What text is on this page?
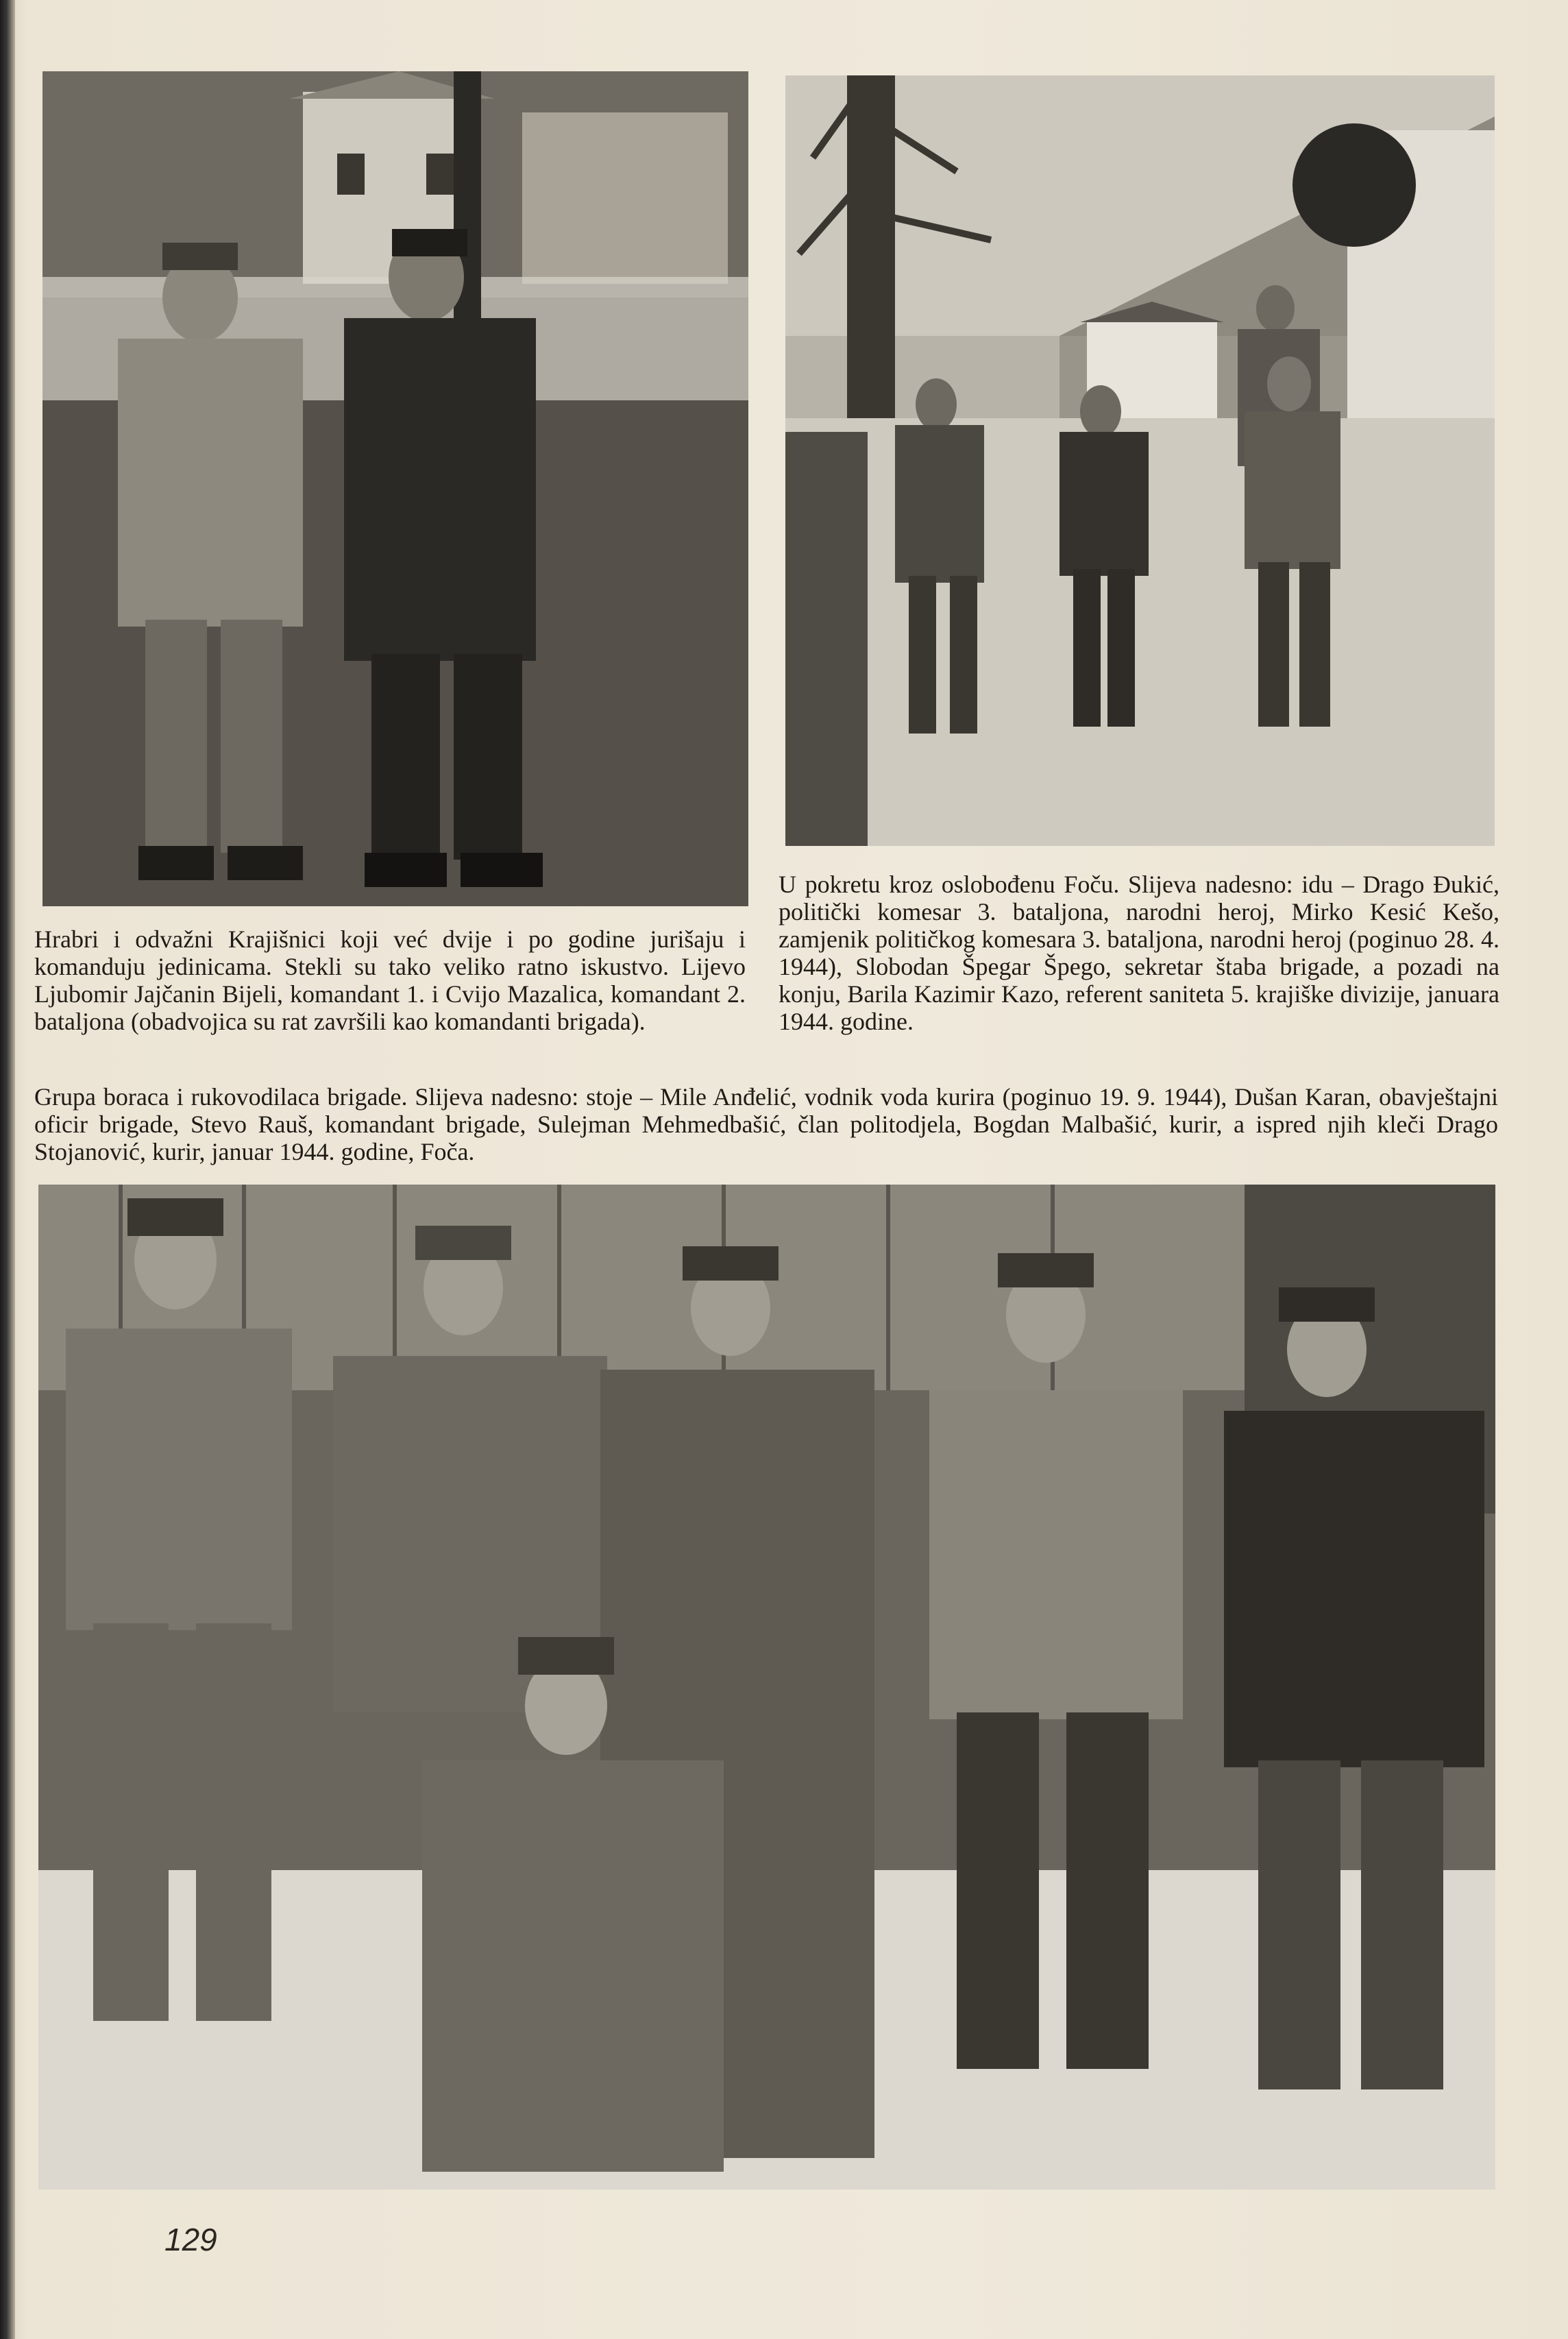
Hrabri i odvažni Krajišnici koji već dvije i po godine jurišaju i komanduju jedinicama. Stekli su tako veliko ratno iskustvo. Lijevo Ljubomir Jajčanin Bijeli, komandant 1. i Cvijo Mazalica, komandant 2. bataljona (obadvojica su rat završili kao komandanti brigada).

U pokretu kroz oslobođenu Foču. Slijeva nadesno: idu – Drago Đukić, politički komesar 3. bataljona, narodni heroj, Mirko Kesić Kešo, zamjenik političkog komesara 3. bataljona, narodni heroj (poginuo 28. 4. 1944), Slobodan Špegar Špego, sekretar štaba brigade, a pozadi na konju, Barila Kazimir Kazo, referent saniteta 5. krajiške divizije, januara 1944. godine.

Grupa boraca i rukovodilaca brigade. Slijeva nadesno: stoje – Mile Anđelić, vodnik voda kurira (poginuo 19. 9. 1944), Dušan Karan, obavještajni oficir brigade, Stevo Rauš, komandant brigade, Sulejman Mehmedbašić, član politodjela, Bogdan Malbašić, kurir, a ispred njih kleči Drago Stojanović, kurir, januar 1944. godine, Foča.

129
